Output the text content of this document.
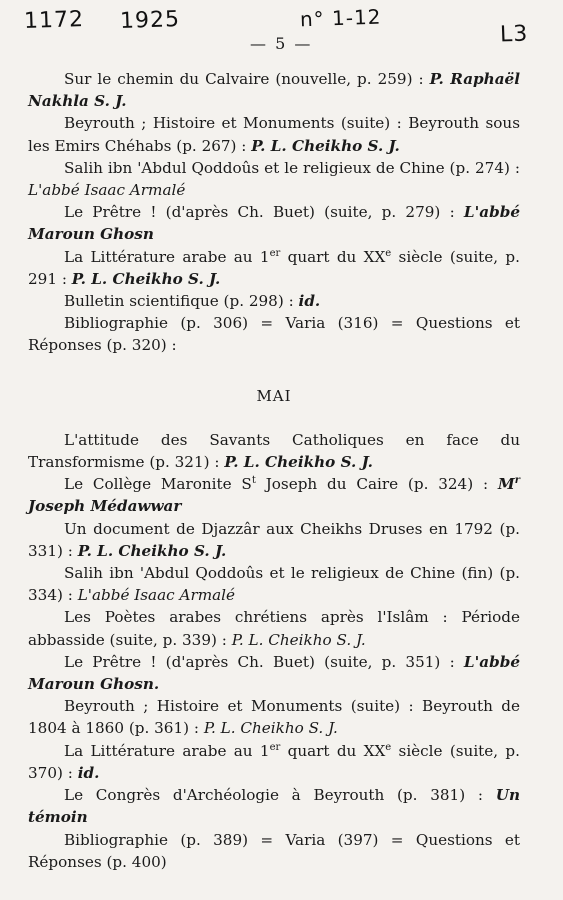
1172 1925	n° 1-12
L3
— 5 —

Sur le chemin du Calvaire (nouvelle, p. 259) : P. Raphaël Nakhla S. J.

Beyrouth ; Histoire et Monuments (suite) : Beyrouth sous les Emirs Chéhabs (p. 267) : P. L. Cheikho S. J.

Salih ibn 'Abdul Qoddoûs et le religieux de Chine (p. 274) : L'abbé Isaac Armalé

Le Prêtre ! (d'après Ch. Buet) (suite, p. 279) : L'abbé Maroun Ghosn

La Littérature arabe au 1er quart du XXe siècle (suite, p. 291 : P. L. Cheikho S. J.

Bulletin scientifique (p. 298) : id.

Bibliographie (p. 306) = Varia (316) = Questions et Réponses (p. 320) :

MAI

L'attitude des Savants Catholiques en face du Transformisme (p. 321) : P. L. Cheikho S. J.

Le Collège Maronite $S^t$ Joseph du Caire (p. 324) : $M^r$ Joseph Médawwar

Un document de Djazzâr aux Cheikhs Druses en 1792 (p. 331) : P. L. Cheikho S. J.

Salih ibn 'Abdul Qoddoûs et le religieux de Chine (fin) (p. 334) : L'abbé Isaac Armalé

Les Poètes arabes chrétiens après l'Islâm : Période abbasside (suite, p. 339) : P. L. Cheikho S. J.

Le Prêtre ! (d'après Ch. Buet) (suite, p. 351) : L'abbé Maroun Ghosn.

Beyrouth ; Histoire et Monuments (suite) : Beyrouth de 1804 à 1860 (p. 361) : P. L. Cheikho S. J.

La Littérature arabe au 1er quart du XXe siècle (suite, p. 370) : id.

Le Congrès d'Archéologie à Beyrouth (p. 381) : Un témoin

Bibliographie (p. 389) = Varia (397) = Questions et Réponses (p. 400)
